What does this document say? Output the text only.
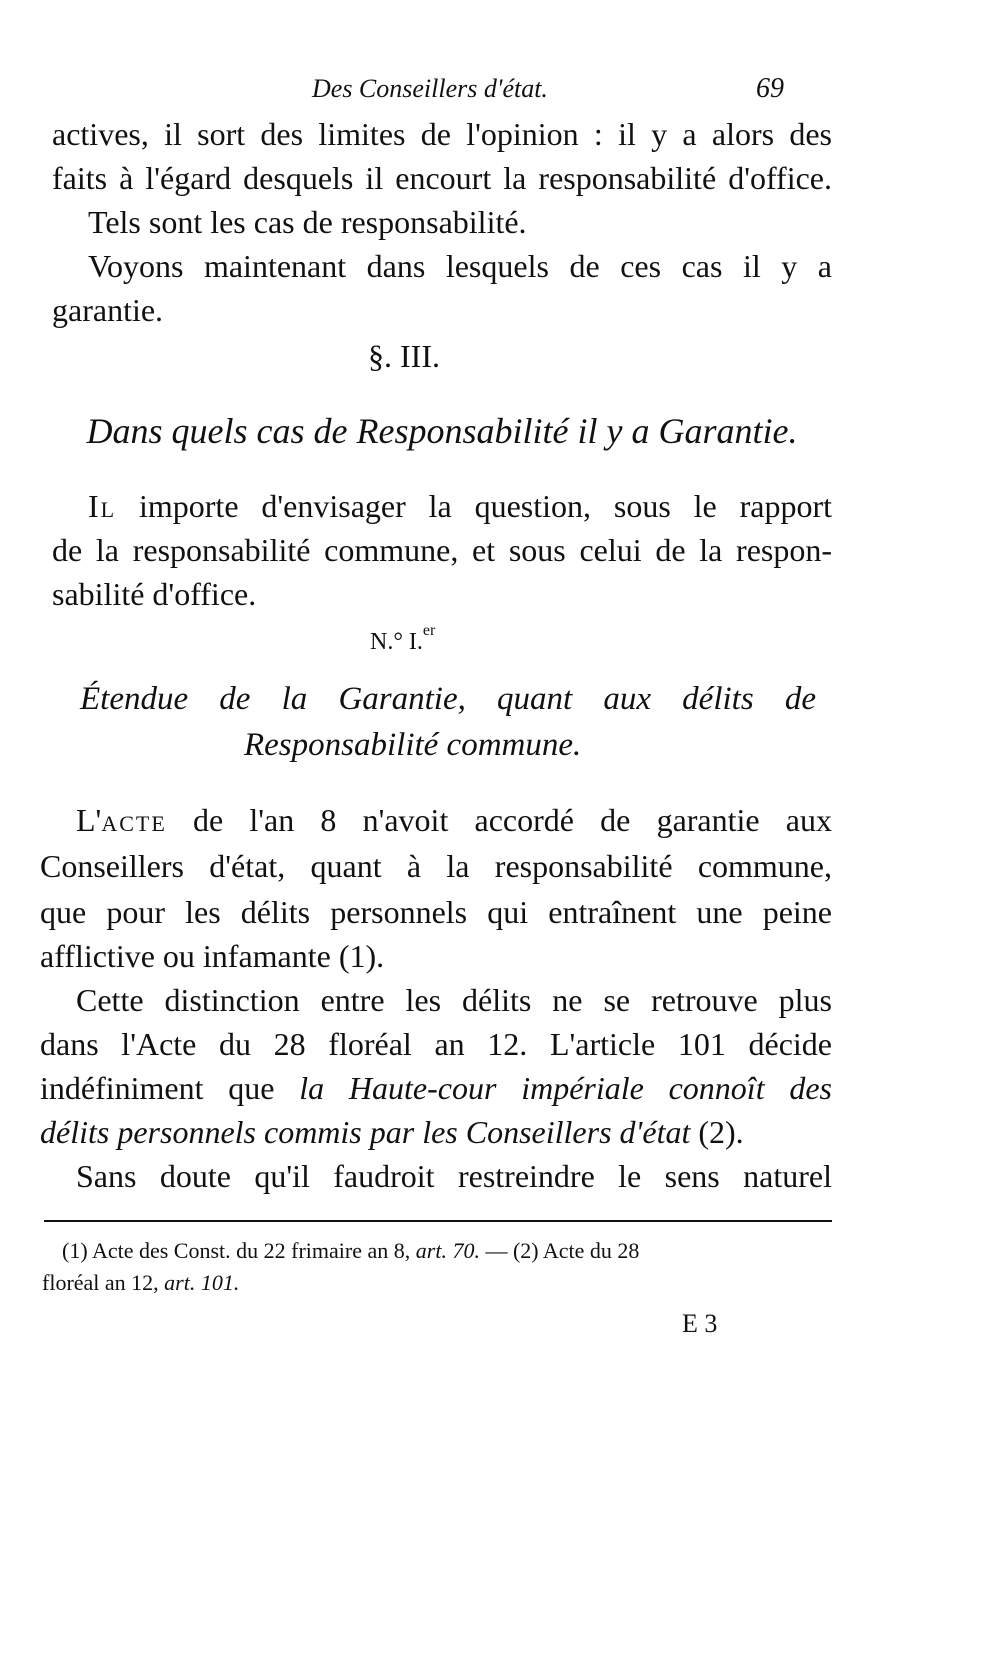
Des Conseillers d'état.	69
actives, il sort des limites de l'opinion : il y a alors des
faits à l'égard desquels il encourt la responsabilité d'office.
Tels sont les cas de responsabilité.
Voyons maintenant dans lesquels de ces cas il y a
garantie.
§. III.
Dans quels cas de Responsabilité il y a Garantie.
Il importe d'envisager la question, sous le rapport
de la responsabilité commune, et sous celui de la respon-
sabilité d'office.
N.° I.$^{er}$
Étendue de la Garantie, quant aux délits de
Responsabilité commune.
L'acte de l'an 8 n'avoit accordé de garantie aux
Conseillers d'état, quant à la responsabilité commune,
que pour les délits personnels qui entraînent une peine
afflictive ou infamante (1).
Cette distinction entre les délits ne se retrouve plus
dans l'Acte du 28 floréal an 12. L'article 101 décide
indéfiniment que la Haute-cour impériale connoît des
délits personnels commis par les Conseillers d'état (2).
Sans doute qu'il faudroit restreindre le sens naturel
(1) Acte des Const. du 22 frimaire an 8, art. 70. — (2) Acte du 28
floréal an 12, art. 101.
E 3
